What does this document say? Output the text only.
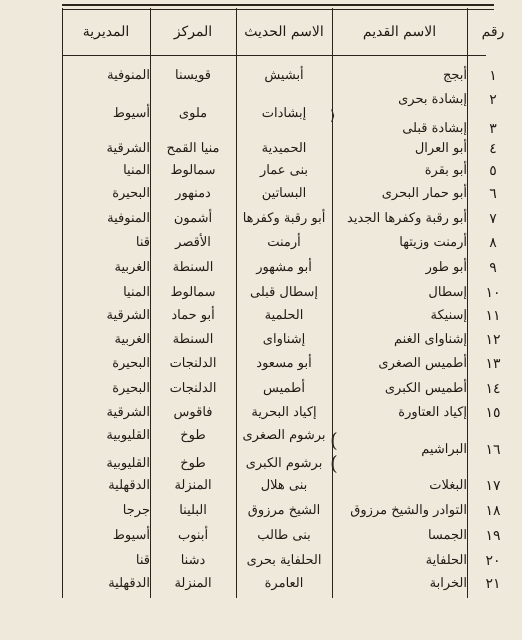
رقم
الاسم القديم
الاسم الحديث
المركز
المديرية
١
أبجج
أبشيش
قويسنا
المنوفية
٢
إبشادة بحرى
إبشادات
ملوى
أسيوط
٣
إبشادة قبلى
٤
أبو العرال
الحميدية
منيا القمح
الشرقية
٥
أبو بقرة
بنى عمار
سمالوط
المنيا
٦
أبو حمار البحرى
البساتين
دمنهور
البحيرة
٧
أبو رقبة وكفرها الجديد
أبو رقبة وكفرها
أشمون
المنوفية
٨
أرمنت وزيتها
أرمنت
الأقصر
قنا
٩
أبو طور
أبو مشهور
السنطة
الغربية
١٠
إسطال
إسطال قبلى
سمالوط
المنيا
١١
إسنيكة
الحلمية
أبو حماد
الشرقية
١٢
إشناواى الغنم
إشناواى
السنطة
الغربية
١٣
أطميس الصغرى
أبو مسعود
الدلنجات
البحيرة
١٤
أطميس الكبرى
أطميس
الدلنجات
البحيرة
١٥
إكياد العتاورة
إكياد البحرية
فاقوس
الشرقية
برشوم الصغرى
طوخ
القليوبية
١٦
البراشيم
برشوم الكبرى
طوخ
القليوبية
١٧
البغلات
بنى هلال
المنزلة
الدقهلية
١٨
التوادر والشيخ مرزوق
الشيخ مرزوق
البلينا
جرجا
١٩
الجمسا
بنى طالب
أبنوب
أسيوط
٢٠
الحلفاية
الحلفاية بحرى
دشنا
قنا
٢١
الخرابة
العامرة
المنزلة
الدقهلية
⟩
(
(
